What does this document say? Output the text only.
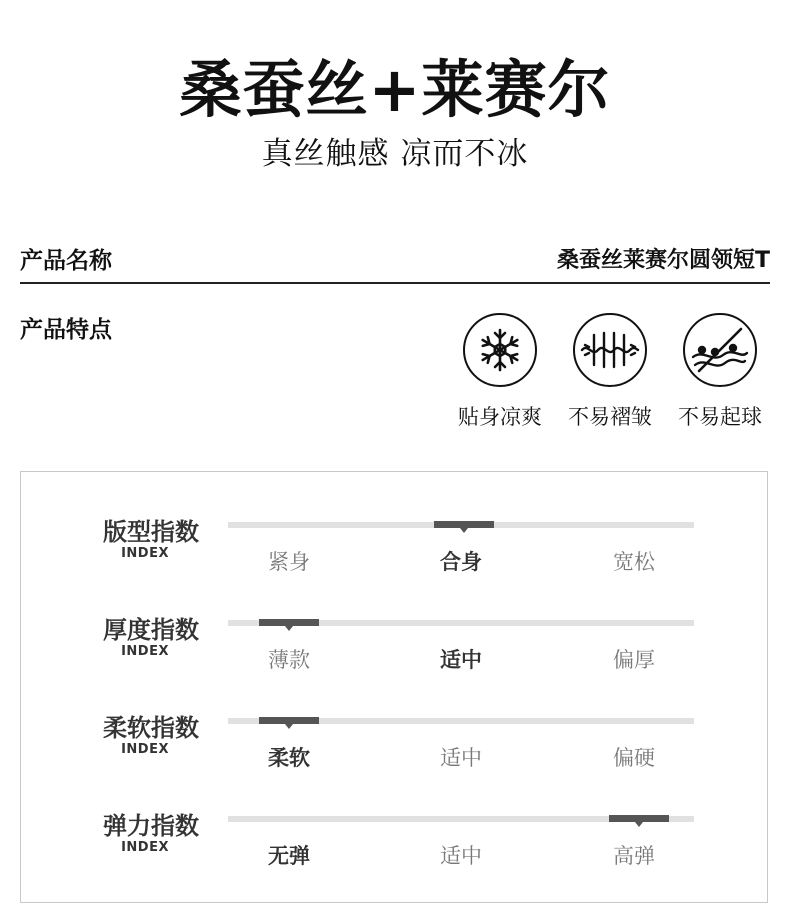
桑蚕丝+莱赛尔
真丝触感 凉而不冰
产品名称	桑蚕丝莱赛尔圆领短T
产品特点
贴身凉爽	不易褶皱	不易起球
版型指数
INDEX	紧身	合身	宽松
厚度指数
INDEX	薄款	适中	偏厚
柔软指数
INDEX	柔软	适中	偏硬
弹力指数
INDEX	无弹	适中	高弹
